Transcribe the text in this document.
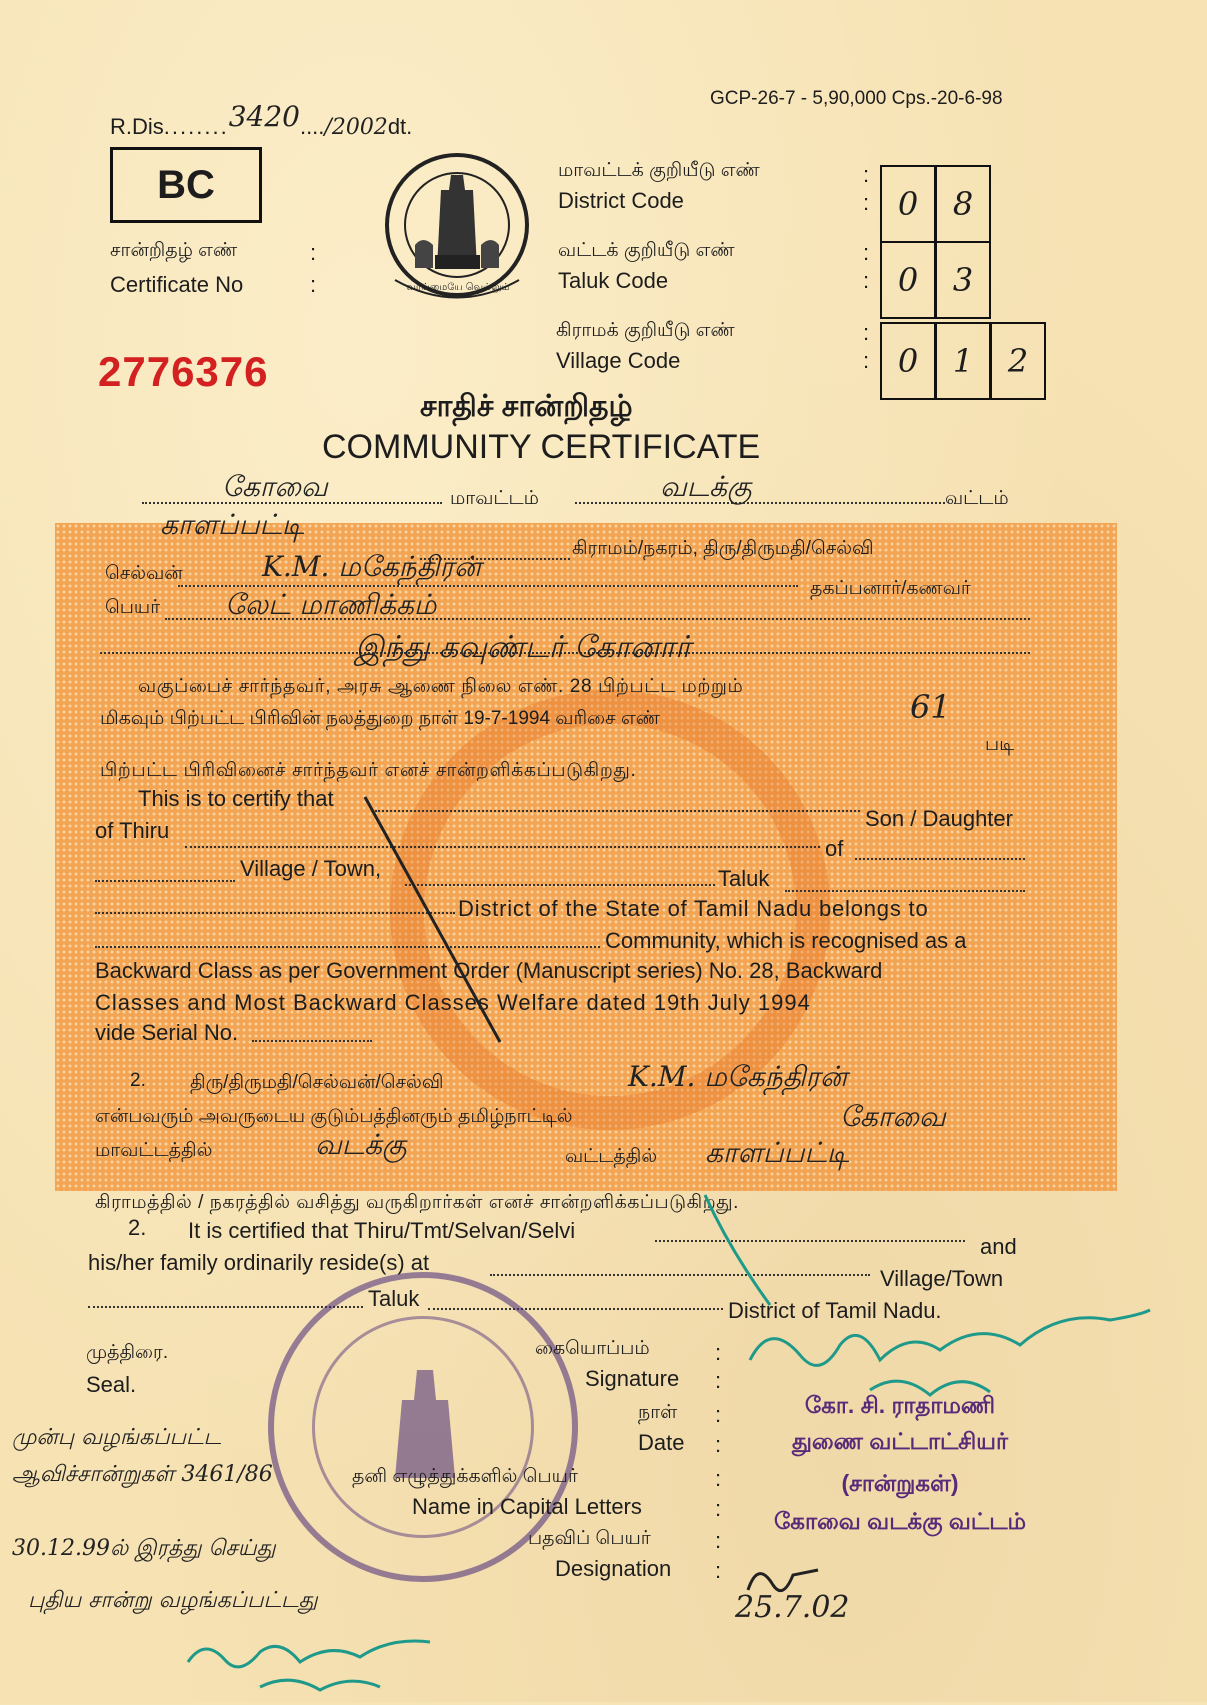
GCP-26-7 - 5,90,000 Cps.-20-6-98
R.Dis........3420..../2002dt.
BC
சான்றிதழ் எண்	:
Certificate No	:
2776376
வாய்மையே வெல்லும்
மாவட்டக் குறியீடு எண்
District Code
:
:
வட்டக் குறியீடு எண்
Taluk Code
:
:
கிராமக் குறியீடு எண்
Village Code
:
:
0	8
0	3
0	1	2
சாதிச் சான்றிதழ்
COMMUNITY CERTIFICATE
கோவை	மாவட்டம்	வடக்கு	வட்டம்
காளப்பட்டி
கிராமம்/நகரம், திரு/திருமதி/செல்வி
செல்வன்	K.M. மகேந்திரன்
தகப்பனார்/கணவர்
பெயர் லேட் மாணிக்கம்
இந்து கவுண்டர் கோனார்
வகுப்பைச் சார்ந்தவர், அரசு ஆணை நிலை எண். 28 பிற்பட்ட மற்றும்
மிகவும் பிற்பட்ட பிரிவின் நலத்துறை நாள் 19-7-1994 வரிசை எண்	61
படி
பிற்பட்ட பிரிவினைச் சார்ந்தவர் எனச் சான்றளிக்கப்படுகிறது.
This is to certify that
Son / Daughter
of Thiru
of
Village / Town,	Taluk
District of the State of Tamil Nadu belongs to
Community, which is recognised as a
Backward Class as per Government Order (Manuscript series) No. 28, Backward
Classes and Most Backward Classes Welfare dated 19th July 1994
vide Serial No.
2. திரு/திருமதி/செல்வன்/செல்வி	K.M. மகேந்திரன்
என்பவரும் அவருடைய குடும்பத்தினரும் தமிழ்நாட்டில்	கோவை
மாவட்டத்தில்	வடக்கு	வட்டத்தில் காளப்பட்டி
கிராமத்தில் / நகரத்தில் வசித்து வருகிறார்கள் எனச் சான்றளிக்கப்படுகிறது.
2. It is certified that Thiru/Tmt/Selvan/Selvi
and
his/her family ordinarily reside(s) at
Village/Town
Taluk	District of Tamil Nadu.
முத்திரை.
Seal.
கையொப்பம்	:
Signature :
நாள் :
Date :
தனி எழுத்துக்களில் பெயர்	:
Name in Capital Letters	:
பதவிப் பெயர்	:
Designation :
கோ. சி. ராதாமணி
துணை வட்டாட்சியர்
(சான்றுகள்)
கோவை வடக்கு வட்டம்
25.7.02
முன்பு வழங்கப்பட்ட
ஆவிச்சான்றுகள் 3461/86
30.12.99ல் இரத்து செய்து
புதிய சான்று வழங்கப்பட்டது
